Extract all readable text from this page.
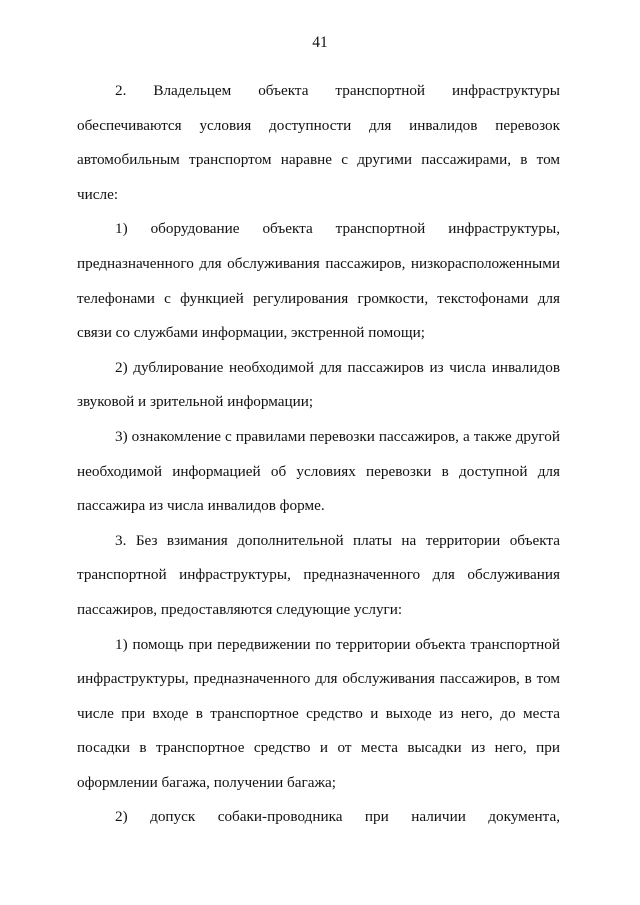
41

2. Владельцем объекта транспортной инфраструктуры обеспечиваются условия доступности для инвалидов перевозок автомобильным транспортом наравне с другими пассажирами, в том числе:

1) оборудование объекта транспортной инфраструктуры, предназначенного для обслуживания пассажиров, низкорасположенными телефонами с функцией регулирования громкости, текстофонами для связи со службами информации, экстренной помощи;

2) дублирование необходимой для пассажиров из числа инвалидов звуковой и зрительной информации;

3) ознакомление с правилами перевозки пассажиров, а также другой необходимой информацией об условиях перевозки в доступной для пассажира из числа инвалидов форме.

3. Без взимания дополнительной платы на территории объекта транспортной инфраструктуры, предназначенного для обслуживания пассажиров, предоставляются следующие услуги:

1) помощь при передвижении по территории объекта транспортной инфраструктуры, предназначенного для обслуживания пассажиров, в том числе при входе в транспортное средство и выходе из него, до места посадки в транспортное средство и от места высадки из него, при оформлении багажа, получении багажа;

2) допуск собаки-проводника при наличии документа,
